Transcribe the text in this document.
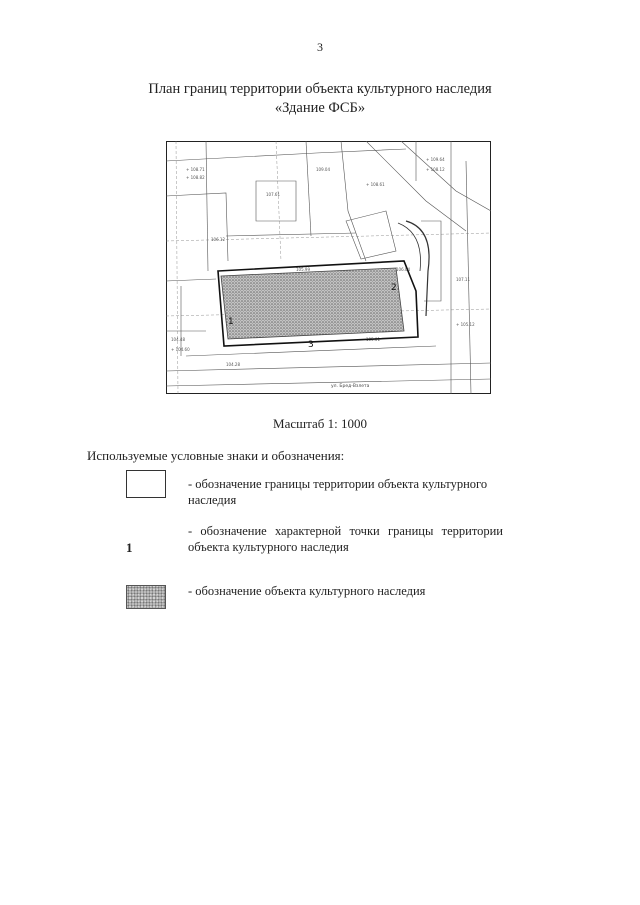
3
План границ территории объекта культурного наследия
«Здание ФСБ»
+ 108.71
+ 108.82
107.61
109.04
+ 108.61
+ 109.64
+ 108.12
106.12
105.99	106.04
104.48
+ 104.60
107.11
+ 105.12
104.28
105.01
1
2
3
ул. Бред-Взлета
Масштаб 1: 1000
Используемые условные знаки и обозначения:
- обозначение границы территории объекта культурного наследия
1
- обозначение характерной точки границы территории объекта культурного наследия
- обозначение объекта культурного наследия
